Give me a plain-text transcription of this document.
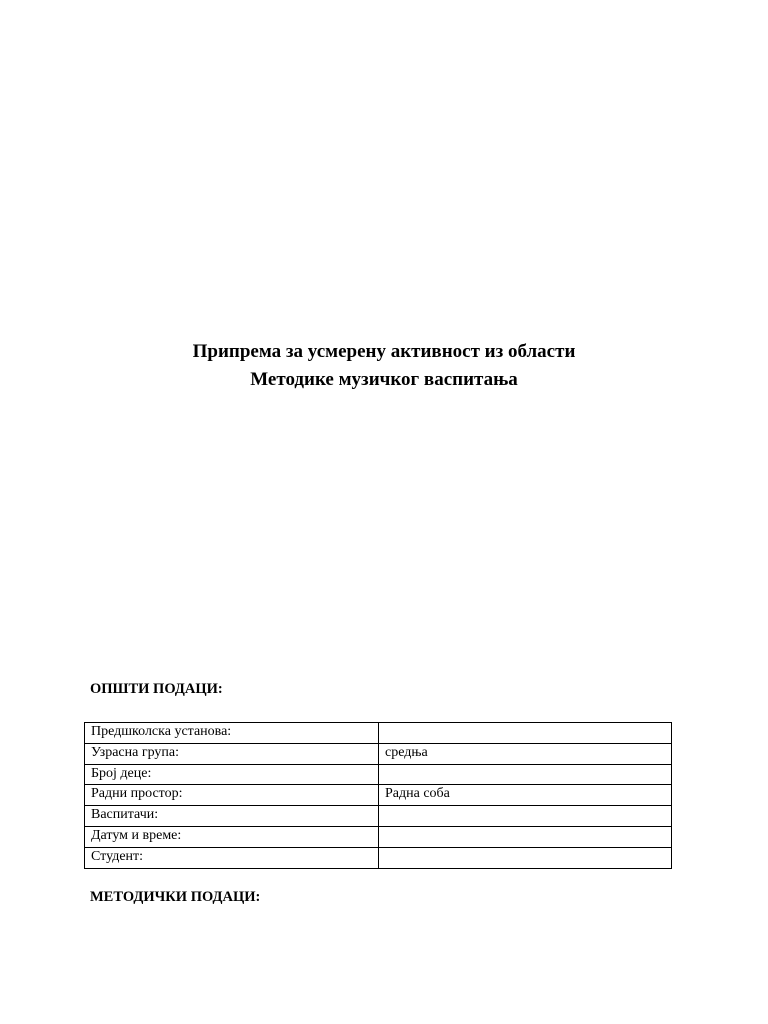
Припрема за усмерену активност из области
Методике музичког васпитања
ОПШТИ ПОДАЦИ:
Предшколска установа:	
Узрасна група:	средња
Број деце:	
Радни простор:	Радна соба
Васпитачи:	
Датум и време:	
Студент:	
МЕТОДИЧКИ ПОДАЦИ:
